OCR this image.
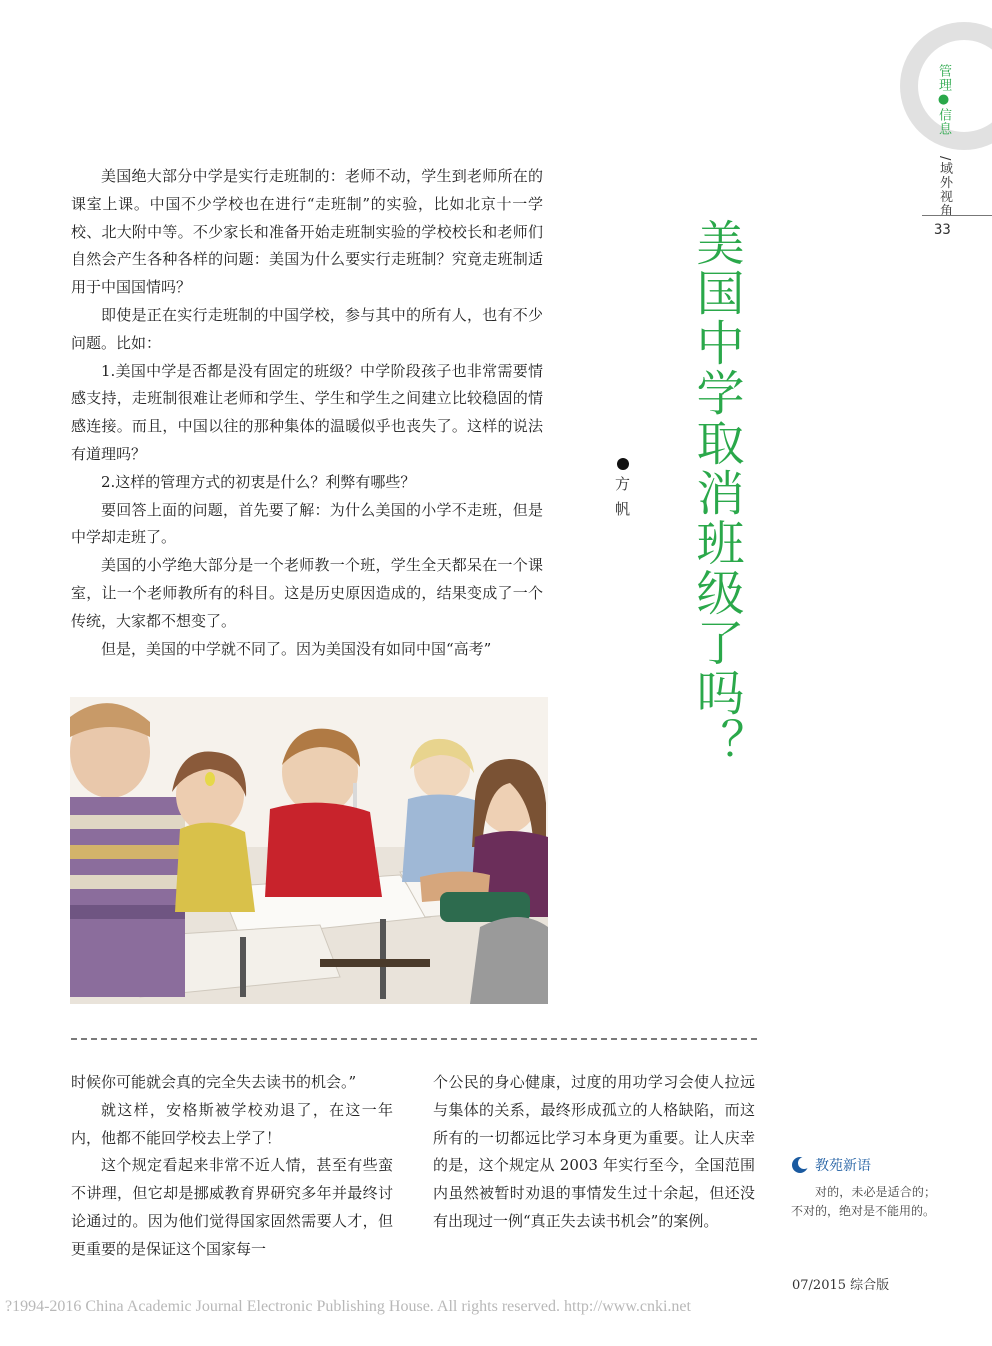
管理●信息
/域外视角
33
美国中学取消班级了吗？
方帆

美国绝大部分中学是实行走班制的：老师不动，学生到老师所在的课室上课。中国不少学校也在进行“走班制”的实验，比如北京十一学校、北大附中等。不少家长和准备开始走班制实验的学校校长和老师们自然会产生各种各样的问题：美国为什么要实行走班制？究竟走班制适用于中国国情吗？

即使是正在实行走班制的中国学校，参与其中的所有人，也有不少问题。比如：

1.美国中学是否都是没有固定的班级？中学阶段孩子也非常需要情感支持，走班制很难让老师和学生、学生和学生之间建立比较稳固的情感连接。而且，中国以往的那种集体的温暖似乎也丧失了。这样的说法有道理吗？

2.这样的管理方式的初衷是什么？利弊有哪些？

要回答上面的问题，首先要了解：为什么美国的小学不走班，但是中学却走班了。

美国的小学绝大部分是一个老师教一个班，学生全天都呆在一个课室，让一个老师教所有的科目。这是历史原因造成的，结果变成了一个传统，大家都不想变了。

但是，美国的中学就不同了。因为美国没有如同中国“高考”

时候你可能就会真的完全失去读书的机会。”

就这样，安格斯被学校劝退了，在这一年内，他都不能回学校去上学了！

这个规定看起来非常不近人情，甚至有些蛮不讲理，但它却是挪威教育界研究多年并最终讨论通过的。因为他们觉得国家固然需要人才，但更重要的是保证这个国家每一

个公民的身心健康，过度的用功学习会使人拉远与集体的关系，最终形成孤立的人格缺陷，而这所有的一切都远比学习本身更为重要。让人庆幸的是，这个规定从 2003 年实行至今，全国范围内虽然被暂时劝退的事情发生过十余起，但还没有出现过一例“真正失去读书机会”的案例。

教苑新语

对的，未必是适合的；不对的，绝对是不能用的。

07/2015 综合版
?1994-2016 China Academic Journal Electronic Publishing House. All rights reserved. http://www.cnki.net
